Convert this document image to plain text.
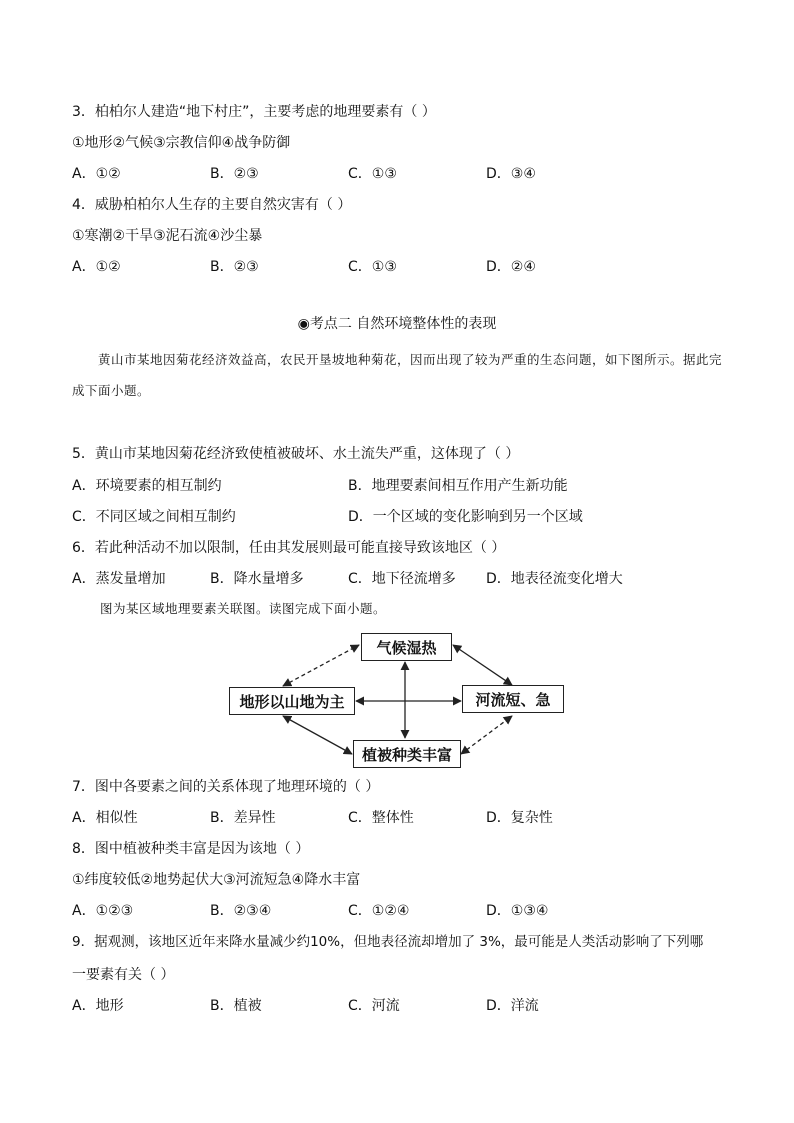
3．柏柏尔人建造“地下村庄”，主要考虑的地理要素有（ ）
①地形②气候③宗教信仰④战争防御
A．①②	B．②③	C．①③	D．③④
4．威胁柏柏尔人生存的主要自然灾害有（ ）
①寒潮②干旱③泥石流④沙尘暴
A．①②	B．②③	C．①③	D．②④
◉考点二 自然环境整体性的表现
黄山市某地因菊花经济效益高，农民开垦坡地种菊花，因而出现了较为严重的生态问题，如下图所示。据此完成下面小题。
5．黄山市某地因菊花经济致使植被破坏、水土流失严重，这体现了（ ）
A．环境要素的相互制约	B．地理要素间相互作用产生新功能
C．不同区域之间相互制约	D．一个区域的变化影响到另一个区域
6．若此种活动不加以限制，任由其发展则最可能直接导致该地区（ ）
A．蒸发量增加	B．降水量增多	C．地下径流增多 D．地表径流变化增大
图为某区域地理要素关联图。读图完成下面小题。
气候湿热
地形以山地为主	河流短、急
植被种类丰富
7．图中各要素之间的关系体现了地理环境的（ ）
A．相似性	B．差异性	C．整体性	D．复杂性
8．图中植被种类丰富是因为该地（ ）
①纬度较低②地势起伏大③河流短急④降水丰富
A．①②③	B．②③④	C．①②④	D．①③④
9．据观测，该地区近年来降水量减少约10%，但地表径流却增加了 3%，最可能是人类活动影响了下列哪
一要素有关（ ）
A．地形	B．植被	C．河流	D．洋流
